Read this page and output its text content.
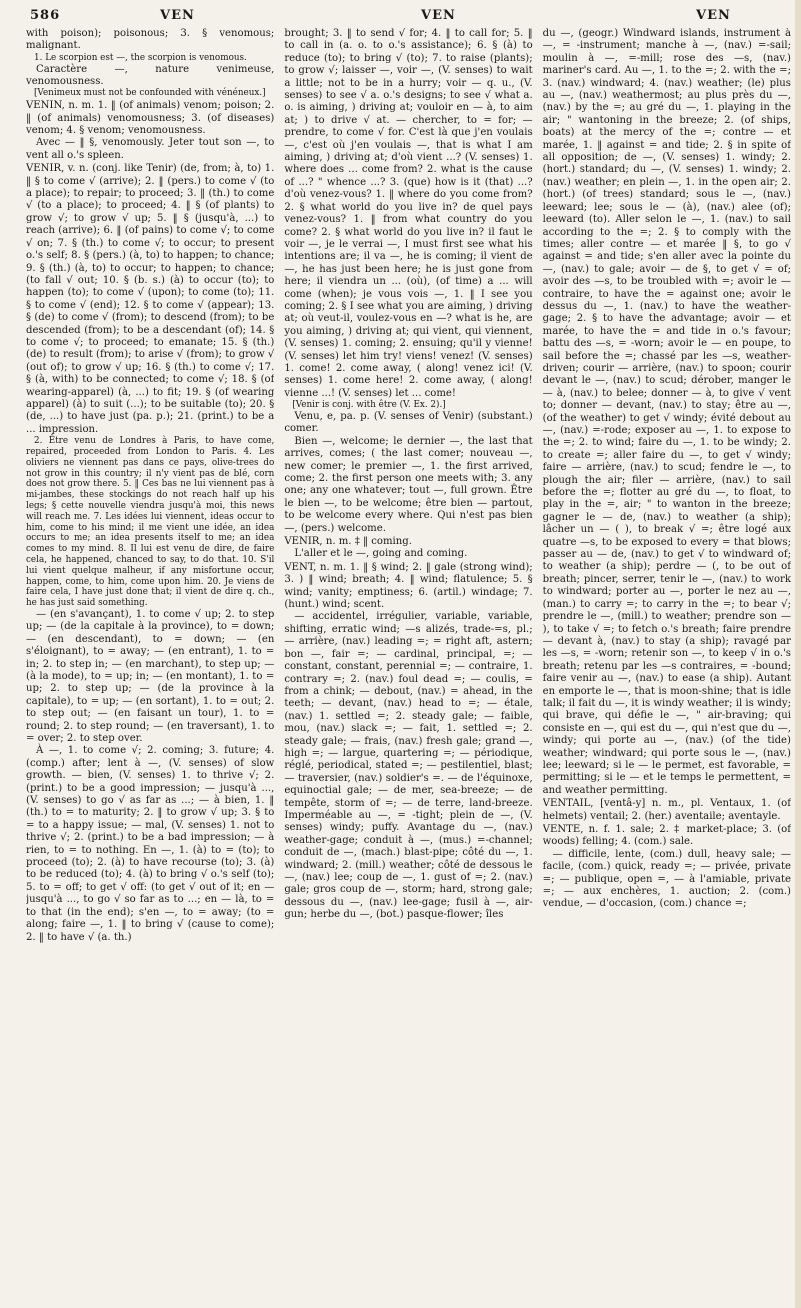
586	VEN	VEN	VEN

with poison); poisonous; 3. § venomous; malignant.

1. Le scorpion est —, the scorpion is venomous.

Caractère —, nature venimeuse, venomousness.

[Venimeux must not be confounded with vénéneux.]

VENIN, n. m. 1. ‖ (of animals) venom; poison; 2. ‖ (of animals) venomousness; 3. (of diseases) venom; 4. § venom; venomousness.

Avec — ‖ §, venomously. Jeter tout son —, to vent all o.'s spleen.

VENIR, v. n. (conj. like Tenir) (de, from; à, to) 1. ‖ § to come √ (arrive); 2. ‖ (pers.) to come √ (to a place); to repair; to proceed; 3. ‖ (th.) to come √ (to a place); to proceed; 4. ‖ § (of plants) to grow √; to grow √ up; 5. ‖ § (jusqu'à, ...) to reach (arrive); 6. ‖ (of pains) to come √; to come √ on; 7. § (th.) to come √; to occur; to present o.'s self; 8. § (pers.) (à, to) to happen; to chance; 9. § (th.) (à, to) to occur; to happen; to chance; (to fall √ out; 10. § (b. s.) (à) to occur (to); to happen (to); to come √ (upon); to come (to); 11. § to come √ (end); 12. § to come √ (appear); 13. § (de) to come √ (from); to descend (from); to be descended (from); to be a descendant (of); 14. § to come √; to proceed; to emanate; 15. § (th.) (de) to result (from); to arise √ (from); to grow √ (out of); to grow √ up; 16. § (th.) to come √; 17. § (à, with) to be connected; to come √; 18. § (of wearing-apparel) (à, ...) to fit; 19. § (of wearing apparel) (à) to suit (...); to be suitable (to); 20. § (de, ...) to have just (pa. p.); 21. (print.) to be a ... impression.

2. Être venu de Londres à Paris, to have come, repaired, proceeded from London to Paris. 4. Les oliviers ne viennent pas dans ce pays, olive-trees do not grow in this country; il n'y vient pas de blé, corn does not grow there. 5. ‖ Ces bas ne lui viennent pas à mi-jambes, these stockings do not reach half up his legs; § cette nouvelle viendra jusqu'à moi, this news will reach me. 7. Les idées lui viennent, ideas occur to him, come to his mind; il me vient une idée, an idea occurs to me; an idea presents itself to me; an idea comes to my mind. 8. Il lui est venu de dire, de faire cela, he happened, chanced to say, to do that. 10. S'il lui vient quelque malheur, if any misfortune occur, happen, come, to him, come upon him. 20. Je viens de faire cela, I have just done that; il vient de dire q. ch., he has just said something.

— (en s'avançant), 1. to come √ up; 2. to step up; — (de la capitale à la province), to = down; — (en descendant), to = down; — (en s'éloignant), to = away; — (en entrant), 1. to = in; 2. to step in; — (en marchant), to step up; — (à la mode), to = up; in; — (en montant), 1. to = up; 2. to step up; — (de la province à la capitale), to = up; — (en sortant), 1. to = out; 2. to step out; — (en faisant un tour), 1. to = round; 2. to step round; — (en traversant), 1. to = over; 2. to step over.

À —, 1. to come √; 2. coming; 3. future; 4. (comp.) after; lent à —, (V. senses) of slow growth. — bien, (V. senses) 1. to thrive √; 2. (print.) to be a good impression; — jusqu'à ..., (V. senses) to go √ as far as ...; — à bien, 1. ‖ (th.) to = to maturity; 2. ‖ to grow √ up; 3. § to = to a happy issue; — mal, (V. senses) 1. not to thrive √; 2. (print.) to be a bad impression; — à rien, to = to nothing. En —, 1. (à) to = (to); to proceed (to); 2. (à) to have recourse (to); 3. (à) to be reduced (to); 4. (à) to bring √ o.'s self (to); 5. to = off; to get √ off: (to get √ out of it; en — jusqu'à ..., to go √ so far as to ...; en — là, to = to that (in the end); s'en —, to = away; (to = along; faire —, 1. ‖ to bring √ (cause to come); 2. ‖ to have √ (a. th.)

brought; 3. ‖ to send √ for; 4. ‖ to call for; 5. ‖ to call in (a. o. to o.'s assistance); 6. § (à) to reduce (to); to bring √ (to); 7. to raise (plants); to grow √; laisser —, voir —, (V. senses) to wait a little; not to be in a hurry; voir — q. u., (V. senses) to see √ a. o.'s designs; to see √ what a. o. is aiming, ) driving at; vouloir en — à, to aim at; ) to drive √ at. — chercher, to = for; — prendre, to come √ for. C'est là que j'en voulais —, c'est où j'en voulais —, that is what I am aiming, ) driving at; d'où vient ...? (V. senses) 1. where does ... come from? 2. what is the cause of ...? " whence ...? 3. (que) how is it (that) ...? d'où venez-vous? 1. ‖ where do you come from? 2. § what world do you live in? de quel pays venez-vous? 1. ‖ from what country do you come? 2. § what world do you live in? il faut le voir —, je le verrai —, I must first see what his intentions are; il va —, he is coming; il vient de —, he has just been here; he is just gone from here; il viendra un ... (où), (of time) a ... will come (when); je vous vois —, 1. ‖ I see you coming; 2. § I see what you are aiming, ) driving at; où veut-il, voulez-vous en —? what is he, are you aiming, ) driving at; qui vient, qui viennent, (V. senses) 1. coming; 2. ensuing; qu'il y vienne! (V. senses) let him try! viens! venez! (V. senses) 1. come! 2. come away, ( along! venez ici! (V. senses) 1. come here! 2. come away, ( along! vienne ...! (V. senses) let ... come!

[Venir is conj. with être (V. Ex. 2).]

Venu, e, pa. p. (V. senses of Venir) (substant.) comer.

Bien —, welcome; le dernier —, the last that arrives, comes; ( the last comer; nouveau —, new comer; le premier —, 1. the first arrived, come; 2. the first person one meets with; 3. any one; any one whatever; tout —, full grown. Être le bien —, to be welcome; être bien — partout, to be welcome every where. Qui n'est pas bien —, (pers.) welcome.

VENIR, n. m. ‡ ‖ coming.

L'aller et le —, going and coming.

VENT, n. m. 1. ‖ § wind; 2. ‖ gale (strong wind); 3. ) ‖ wind; breath; 4. ‖ wind; flatulence; 5. § wind; vanity; emptiness; 6. (artil.) windage; 7. (hunt.) wind; scent.

— accidentel, irrégulier, variable, variable, shifting, erratic wind; —s alizés, trade-=s, pl.; — arrière, (nav.) leading =; = right aft, astern; bon —, fair =; — cardinal, principal, =; — constant, constant, perennial =; — contraire, 1. contrary =; 2. (nav.) foul dead =; — coulis, = from a chink; — debout, (nav.) = ahead, in the teeth; — devant, (nav.) head to =; — étale, (nav.) 1. settled =; 2. steady gale; — faible, mou, (nav.) slack =; — fait, 1. settled =; 2. steady gale; — frais, (nav.) fresh gale; grand —, high =; — largue, quartering =; — périodique, réglé, periodical, stated =; — pestilentiel, blast; — traversier, (nav.) soldier's =. — de l'équinoxe, equinoctial gale; — de mer, sea-breeze; — de tempête, storm of =; — de terre, land-breeze. Imperméable au —, = -tight; plein de —, (V. senses) windy; puffy. Avantage du —, (nav.) weather-gage; conduit à —, (mus.) =-channel; conduit de —, (mach.) blast-pipe; côté du —, 1. windward; 2. (mill.) weather; côté de dessous le —, (nav.) lee; coup de —, 1. gust of =; 2. (nav.) gale; gros coup de —, storm; hard, strong gale; dessous du —, (nav.) lee-gage; fusil à —, air-gun; herbe du —, (bot.) pasque-flower; îles

du —, (geogr.) Windward islands, instrument à —, = -instrument; manche à —, (nav.) =-sail; moulin à —, =-mill; rose des —s, (nav.) mariner's card. Au —, 1. to the =; 2. with the =; 3. (nav.) windward; 4. (nav.) weather; (le) plus au —, (nav.) weathermost; au plus près du —, (nav.) by the =; au gré du —, 1. playing in the air; " wantoning in the breeze; 2. (of ships, boats) at the mercy of the =; contre — et marée, 1. ‖ against = and tide; 2. § in spite of all opposition; de —, (V. senses) 1. windy; 2. (hort.) standard; du —, (V. senses) 1. windy; 2. (nav.) weather; en plein —, 1. in the open air; 2. (hort.) (of trees) standard; sous le —, (nav.) leeward; lee; sous le — (à), (nav.) alee (of); leeward (to). Aller selon le —, 1. (nav.) to sail according to the =; 2. § to comply with the times; aller contre — et marée ‖ §, to go √ against = and tide; s'en aller avec la pointe du —, (nav.) to gale; avoir — de §, to get √ = of; avoir des —s, to be troubled with =; avoir le — contraire, to have the = against one; avoir le dessus du —, 1. (nav.) to have the weather-gage; 2. § to have the advantage; avoir — et marée, to have the = and tide in o.'s favour; battu des —s, = -worn; avoir le — en poupe, to sail before the =; chassé par les —s, weather-driven; courir — arrière, (nav.) to spoon; courir devant le —, (nav.) to scud; dérober, manger le — à, (nav.) to belee; donner — à, to give √ vent to; donner — devant, (nav.) to stay; être au —, (of the weather) to get √ windy; évité debout au —, (nav.) =-rode; exposer au —, 1. to expose to the =; 2. to wind; faire du —, 1. to be windy; 2. to create =; aller faire du —, to get √ windy; faire — arrière, (nav.) to scud; fendre le —, to plough the air; filer — arrière, (nav.) to sail before the =; flotter au gré du —, to float, to play in the =, air; " to wanton in the breeze; gagner le — de, (nav.) to weather (a ship); lâcher un — ( ), to break √ =; être logé aux quatre —s, to be exposed to every = that blows; passer au — de, (nav.) to get √ to windward of; to weather (a ship); perdre — (, to be out of breath; pincer, serrer, tenir le —, (nav.) to work to windward; porter au —, porter le nez au —, (man.) to carry =; to carry in the =; to bear √; prendre le —, (mill.) to weather; prendre son — ), to take √ =; to fetch o.'s breath; faire prendre — devant à, (nav.) to stay (a ship); ravagé par les —s, = -worn; retenir son —, to keep √ in o.'s breath; retenu par les —s contraires, = -bound; faire venir au —, (nav.) to ease (a ship). Autant en emporte le —, that is moon-shine; that is idle talk; il fait du —, it is windy weather; il is windy; qui brave, qui défie le —, " air-braving; qui consiste en —, qui est du —, qui n'est que du —, windy; qui porte au —, (nav.) (of the tide) weather; windward; qui porte sous le —, (nav.) lee; leeward; si le — le permet, est favorable, = permitting; si le — et le temps le permettent, = and weather permitting.

VENTAIL, [ventâ-y] n. m., pl. Ventaux, 1. (of helmets) ventail; 2. (her.) aventaile; aventayle.

VENTE, n. f. 1. sale; 2. ‡ market-place; 3. (of woods) felling; 4. (com.) sale.

— difficile, lente, (com.) dull, heavy sale; — facile, (com.) quick, ready =; — privée, private =; — publique, open =, — à l'amiable, private =; — aux enchères, 1. auction; 2. (com.) vendue, — d'occasion, (com.) chance =;
